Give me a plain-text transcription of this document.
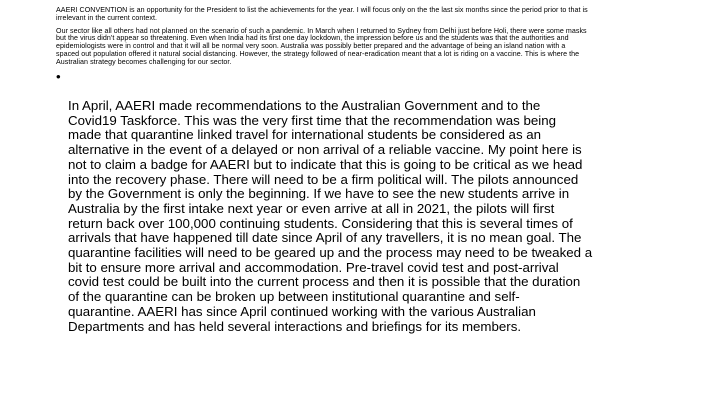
AAERI CONVENTION is an opportunity for the President to list the achievements for the year. I will focus only on the the last six months since the period prior to that is
irrelevant in the current context.

Our sector like all others had not planned on the scenario of such a pandemic. In March when I returned to Sydney from Delhi just before Holi, there were some masks
but the virus didn't appear so threatening. Even when India had its first one day lockdown, the impression before us and the students was that the authorities and
epidemiologists were in control and that it will all be normal very soon. Australia was possibly better prepared and the advantage of being an island nation with a
spaced out population offered it natural social distancing. However, the strategy followed of near-eradication meant that a lot is riding on a vaccine. This is where the
Australian strategy becomes challenging for our sector.

•

In April, AAERI made recommendations to the Australian Government and to the
Covid19 Taskforce. This was the very first time that the recommendation was being
made that quarantine linked travel for international students be considered as an
alternative in the event of a delayed or non arrival of a reliable vaccine. My point here is
not to claim a badge for AAERI but to indicate that this is going to be critical as we head
into the recovery phase. There will need to be a firm political will. The pilots announced
by the Government is only the beginning. If we have to see the new students arrive in
Australia by the first intake next year or even arrive at all in 2021, the pilots will first
return back over 100,000 continuing students. Considering that this is several times of
arrivals that have happened till date since April of any travellers, it is no mean goal. The
quarantine facilities will need to be geared up and the process may need to be tweaked a
bit to ensure more arrival and accommodation. Pre-travel covid test and post-arrival
covid test could be built into the current process and then it is possible that the duration
of the quarantine can be broken up between institutional quarantine and self-
quarantine. AAERI has since April continued working with the various Australian
Departments and has held several interactions and briefings for its members.
